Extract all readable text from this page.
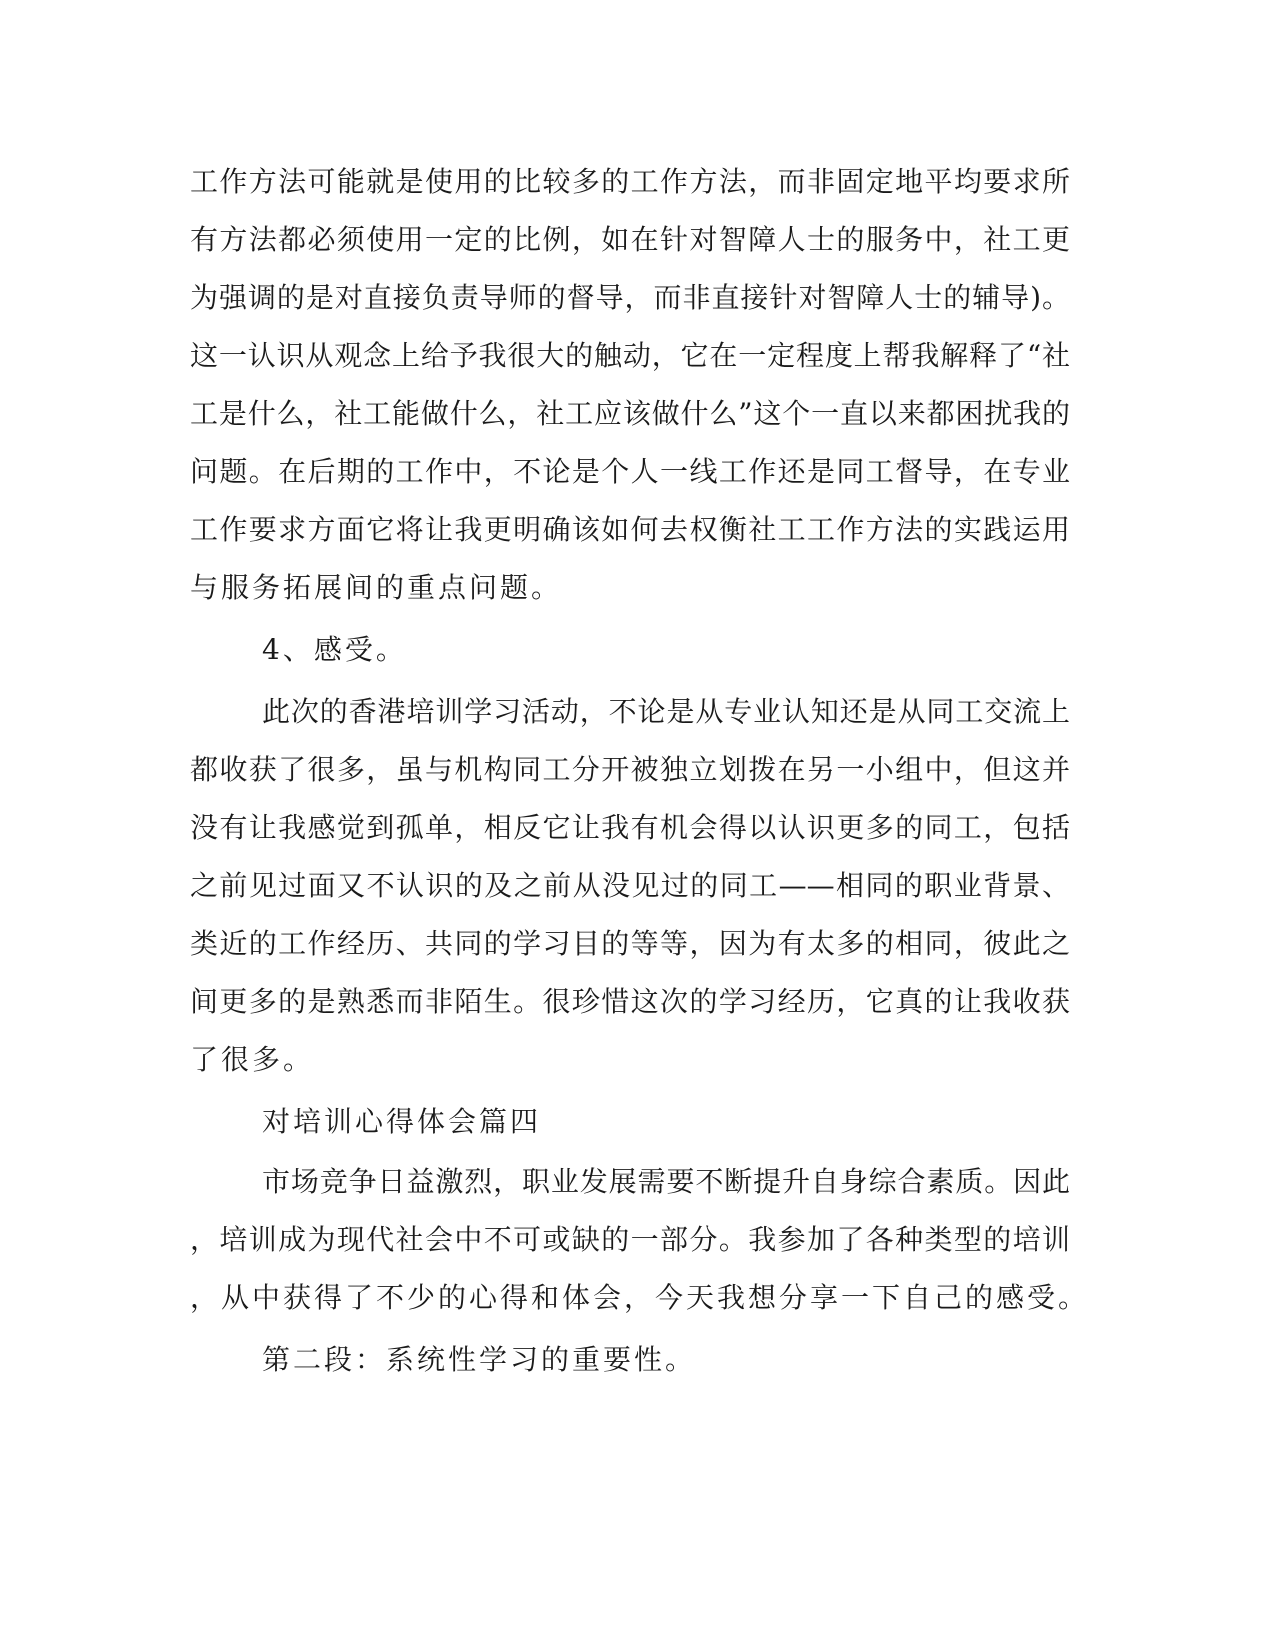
工作方法可能就是使用的比较多的工作方法，而非固定地平均要求所
有方法都必须使用一定的比例，如在针对智障人士的服务中，社工更
为强调的是对直接负责导师的督导，而非直接针对智障人士的辅导)。
这一认识从观念上给予我很大的触动，它在一定程度上帮我解释了“社
工是什么，社工能做什么，社工应该做什么”这个一直以来都困扰我的
问题。在后期的工作中，不论是个人一线工作还是同工督导，在专业
工作要求方面它将让我更明确该如何去权衡社工工作方法的实践运用
与服务拓展间的重点问题。
4、感受。
此次的香港培训学习活动，不论是从专业认知还是从同工交流上
都收获了很多，虽与机构同工分开被独立划拨在另一小组中，但这并
没有让我感觉到孤单，相反它让我有机会得以认识更多的同工，包括
之前见过面又不认识的及之前从没见过的同工——相同的职业背景、
类近的工作经历、共同的学习目的等等，因为有太多的相同，彼此之
间更多的是熟悉而非陌生。很珍惜这次的学习经历，它真的让我收获
了很多。
对培训心得体会篇四
市场竞争日益激烈，职业发展需要不断提升自身综合素质。因此
，培训成为现代社会中不可或缺的一部分。我参加了各种类型的培训
，从中获得了不少的心得和体会，今天我想分享一下自己的感受。
第二段：系统性学习的重要性。
